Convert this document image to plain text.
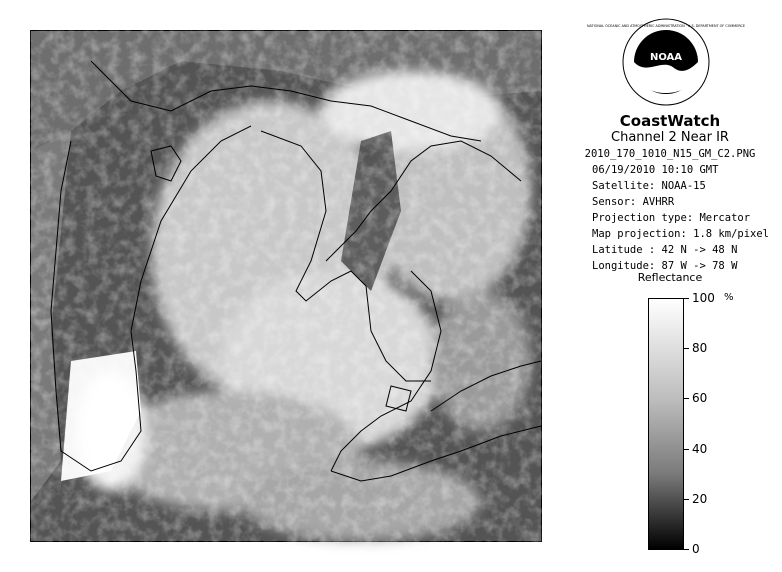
NOAA
NATIONAL OCEANIC AND ATMOSPHERIC ADMINISTRATION · U.S. DEPARTMENT OF COMMERCE
CoastWatch
Channel 2 Near IR
2010_170_1010_N15_GM_C2.PNG
06/19/2010 10:10 GMT
Satellite: NOAA-15
Sensor: AVHRR
Projection type: Mercator
Map projection: 1.8 km/pixel
Latitude : 42 N -> 48 N
Longitude: 87 W -> 78 W
Reflectance
%
100
80
60
40
20
0
